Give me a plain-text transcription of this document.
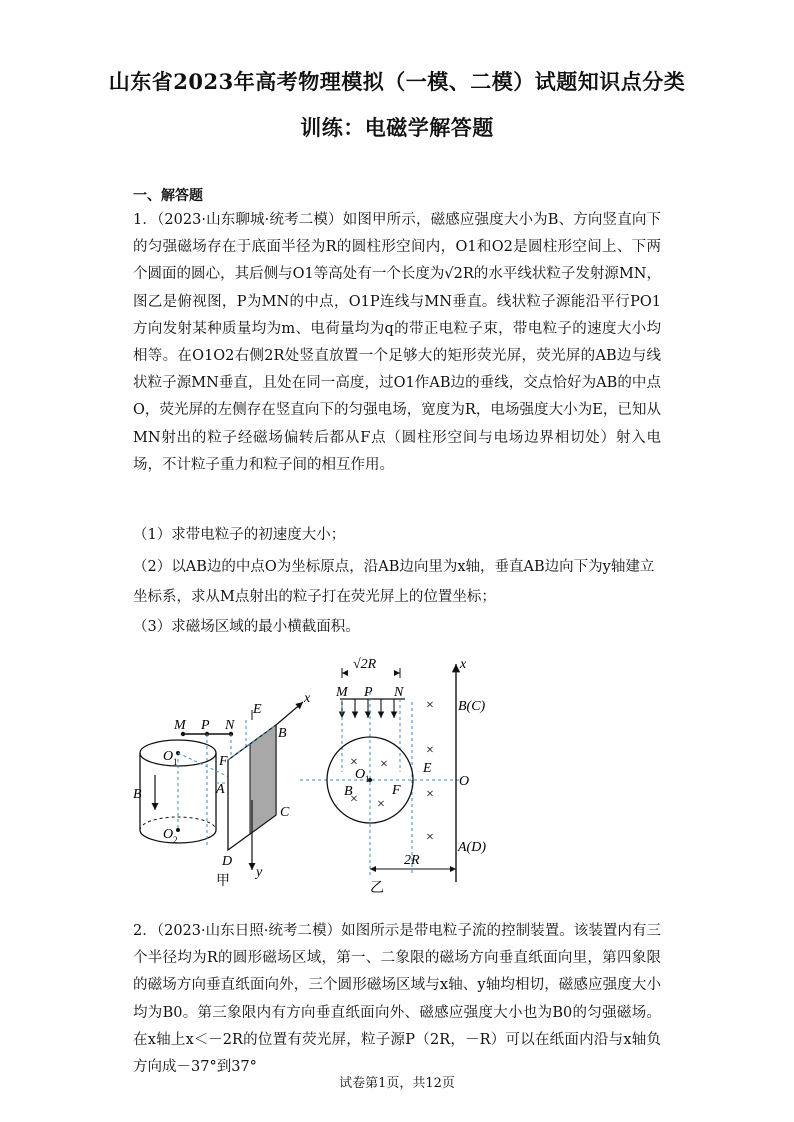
山东省2023年高考物理模拟（一模、二模）试题知识点分类
训练：电磁学解答题
一、解答题
1．（2023·山东聊城·统考二模）如图甲所示，磁感应强度大小为B、方向竖直向下的匀强磁场存在于底面半径为R的圆柱形空间内，O1和O2是圆柱形空间上、下两个圆面的圆心，其后侧与O1等高处有一个长度为√2R的水平线状粒子发射源MN，图乙是俯视图，P为MN的中点，O1P连线与MN垂直。线状粒子源能沿平行PO1方向发射某种质量均为m、电荷量均为q的带正电粒子束，带电粒子的速度大小均相等。在O1O2右侧2R处竖直放置一个足够大的矩形荧光屏，荧光屏的AB边与线状粒子源MN垂直，且处在同一高度，过O1作AB边的垂线，交点恰好为AB的中点O，荧光屏的左侧存在竖直向下的匀强电场，宽度为R，电场强度大小为E，已知从MN射出的粒子经磁场偏转后都从F点（圆柱形空间与电场边界相切处）射入电场，不计粒子重力和粒子间的相互作用。
（1）求带电粒子的初速度大小；
（2）以AB边的中点O为坐标原点，沿AB边向里为x轴，垂直AB边向下为y轴建立
坐标系，求从M点射出的粒子打在荧光屏上的位置坐标；
（3）求磁场区域的最小横截面积。
M P N
O 1
O 2
B
E
F
A
B
C
D
x
y
甲
× ×
× ×
×
×
×
×
√2R
M P N
O 1
B	F
E
O
B(C)
A(D)
x
2R
乙
2．（2023·山东日照·统考二模）如图所示是带电粒子流的控制装置。该装置内有三个半径均为R的圆形磁场区域，第一、二象限的磁场方向垂直纸面向里，第四象限的磁场方向垂直纸面向外，三个圆形磁场区域与x轴、y轴均相切，磁感应强度大小均为B0。第三象限内有方向垂直纸面向外、磁感应强度大小也为B0的匀强磁场。在x轴上x＜－2R的位置有荧光屏，粒子源P（2R，－R）可以在纸面内沿与x轴负方向成－37°到37°
试卷第1页，共12页
